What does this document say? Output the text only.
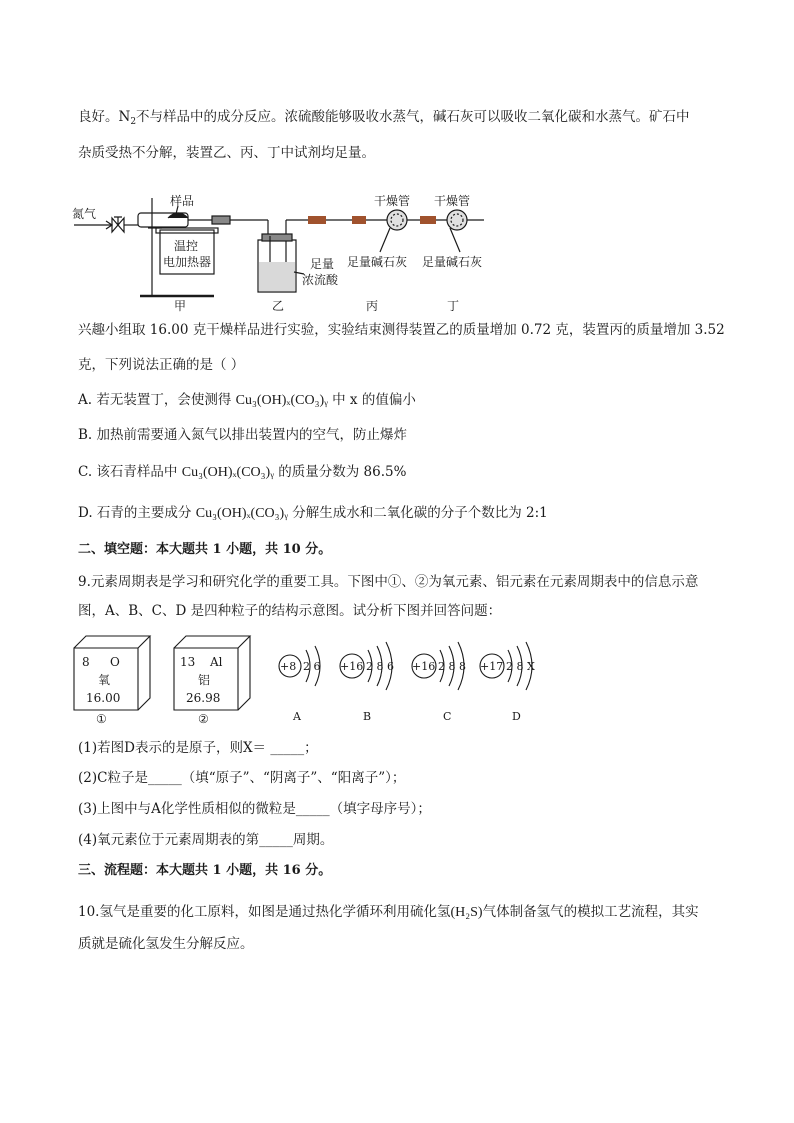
良好。$N_2$不与样品中的成分反应。浓硫酸能够吸收水蒸气，碱石灰可以吸收二氧化碳和水蒸气。矿石中
杂质受热不分解，装置乙、丙、丁中试剂均足量。
氮气
样品
温控
电加热器	足量
浓流酸
干燥管
足量碱石灰
干燥管
足量碱石灰
甲	乙	丙	丁
兴趣小组取 16.00 克干燥样品进行实验，实验结束测得装置乙的质量增加 0.72 克，装置丙的质量增加 3.52
克，下列说法正确的是（ ）
A. 若无装置丁，会使测得 Cu₃(OH)ₓ(CO₃)ᵧ 中 x 的值偏小
B. 加热前需要通入氮气以排出装置内的空气，防止爆炸
C. 该石青样品中 Cu₃(OH)ₓ(CO₃)ᵧ 的质量分数为 86.5%
D. 石青的主要成分 Cu₃(OH)ₓ(CO₃)ᵧ 分解生成水和二氧化碳的分子个数比为 2:1
二、填空题：本大题共 1 小题，共 10 分。
9.元素周期表是学习和研究化学的重要工具。下图中①、②为氧元素、铝元素在元素周期表中的信息示意
图，A、B、C、D 是四种粒子的结构示意图。试分析下图并回答问题：
8 O
氧
16.00
①
13 Al
铝
26.98
②
+8 2 6
A
+16 2 8 6
B
+16 2 8 8
C
+17 2 8 X
D
(1)若图D表示的是原子，则X＝ _____；
(2)C粒子是_____（填“原子”、“阴离子”、“阳离子”）；
(3)上图中与A化学性质相似的微粒是_____（填字母序号）；
(4)氧元素位于元素周期表的第_____周期。
三、流程题：本大题共 1 小题，共 16 分。
10.氢气是重要的化工原料，如图是通过热化学循环利用硫化氢(H₂S)气体制备氢气的模拟工艺流程，其实
质就是硫化氢发生分解反应。
